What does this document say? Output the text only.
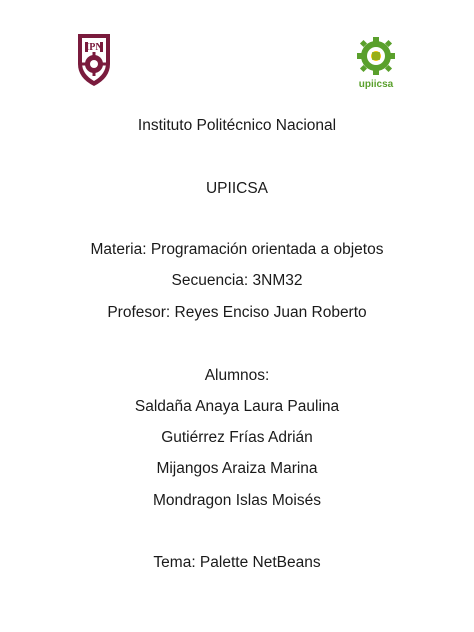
IPN
upiicsa
Instituto Politécnico Nacional
UPIICSA
Materia: Programación orientada a objetos
Secuencia: 3NM32
Profesor: Reyes Enciso Juan Roberto
Alumnos:
Saldaña Anaya Laura Paulina
Gutiérrez Frías Adrián
Mijangos Araiza Marina
Mondragon Islas Moisés
Tema: Palette NetBeans
